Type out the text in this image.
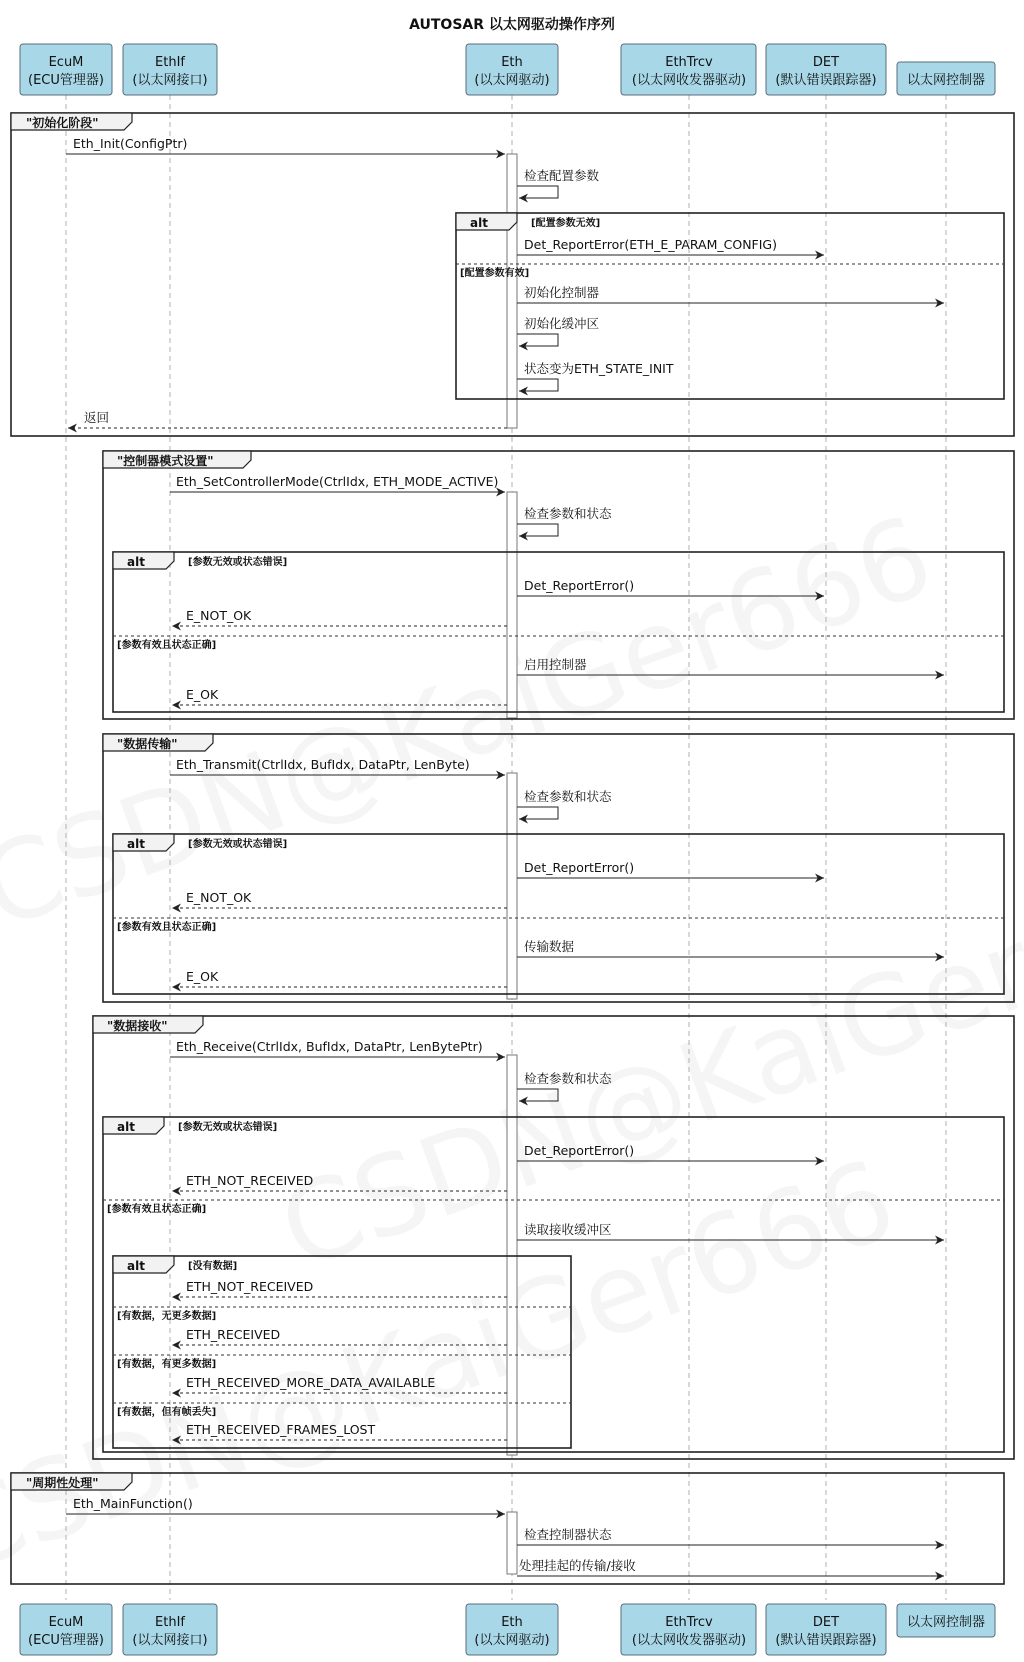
AUTOSAR 以太网驱动操作序列
EcuM
(ECU管理器)
EthIf
(以太网接口)
Eth
(以太网驱动)
EthTrcv
(以太网收发器驱动)
DET
(默认错误跟踪器) 以太网控制器
EcuM
(ECU管理器)
EthIf
(以太网接口)
Eth
(以太网驱动)
EthTrcv
(以太网收发器驱动)
DET
(默认错误跟踪器)
以太网控制器
"初始化阶段"
Eth_Init(ConfigPtr)
检查配置参数
alt	[配置参数无效]
Det_ReportError(ETH_E_PARAM_CONFIG)
[配置参数有效]
初始化控制器
初始化缓冲区
状态变为ETH_STATE_INIT
返回
"控制器模式设置"
Eth_SetControllerMode(CtrlIdx, ETH_MODE_ACTIVE)
检查参数和状态
alt	[参数无效或状态错误]
Det_ReportError()
E_NOT_OK
[参数有效且状态正确]
启用控制器
E_OK
"数据传输"
Eth_Transmit(CtrlIdx, BufIdx, DataPtr, LenByte)
检查参数和状态
alt	[参数无效或状态错误]
Det_ReportError()
E_NOT_OK
[参数有效且状态正确]
传输数据
E_OK
"数据接收"
Eth_Receive(CtrlIdx, BufIdx, DataPtr, LenBytePtr)
检查参数和状态
alt	[参数无效或状态错误]
Det_ReportError()
ETH_NOT_RECEIVED
[参数有效且状态正确]
读取接收缓冲区
alt	[没有数据]
ETH_NOT_RECEIVED
[有数据，无更多数据]
ETH_RECEIVED
[有数据，有更多数据]
ETH_RECEIVED_MORE_DATA_AVAILABLE
[有数据，但有帧丢失]
ETH_RECEIVED_FRAMES_LOST
"周期性处理"
Eth_MainFunction()
检查控制器状态
处理挂起的传输/接收
